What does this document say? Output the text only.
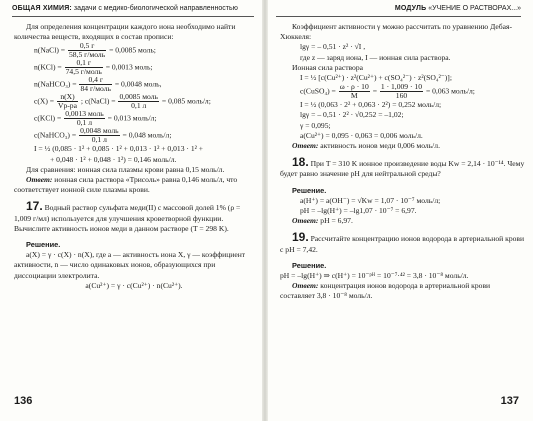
ОБЩАЯ ХИМИЯ: задачи с медико-биологической направленностью

Для определения концентрации каждого иона необходимо найти количества веществ, входящих в состав прописи:

n(NaCl) = $\frac{0,5 г}{\text{58,5 г/моль}} = 0,0085$ моль;
$n(KCl) = \frac{0,1 г}{\text{74,5 г/моль}} = 0,0013$ моль;
n(NaHCO₃) = $\frac{0,4 г}{\text{84 г/моль}} = 0,0048$ моль,
$c(X) = \frac{n(X)}{Vр-ра}$ ; c(NaCl) = $\frac{\text{0,0085 моль}}{0,1 л} = 0,085$ моль/л;
$c(KCl) = \frac{\text{0,0013 моль}}{0,1 л} = 0,013$ моль/л;
c(NaHCO₃) = $\frac{\text{0,0048 моль}}{0,1 л} = 0,048$ моль/л;
I = ½ (0,085 · 1² + 0,085 · 1² + 0,013 · 1² + 0,013 · 1² +
+ 0,048 · 1² + 0,048 · 1²) = 0,146 моль/л.

Для сравнения: ионная сила плазмы крови равна 0,15 моль/л.

Ответ: ионная сила раствора «Трисоль» равна 0,146 моль/л, что соответствует ионной силе плазмы крови.

17. Водный раствор сульфата меди(II) с массовой долей 1% (ρ = 1,009 г/мл) используется для улучшения кроветворной функции. Вычислите активность ионов меди в данном растворе (T = 298 K).

Решение.

a(X) = γ · c(X) · n(X), где a — активность иона X, γ — коэффициент активности, n — число одинаковых ионов, образующихся при диссоциации электролита.

a(Cu²⁺) = γ · c(Cu²⁺) · n(Cu²⁺).

136
МОДУЛЬ «УЧЕНИЕ О РАСТВОРАХ...»

Коэффициент активности γ можно рассчитать по уравнению Дебая-Хюккеля:

lgγ = – 0,51 · z² · √I ,
где z — заряд иона, I — ионная сила раствора.

Ионная сила раствора

I = ½ [c(Cu²⁺) · z²(Cu²⁺) + c(SO₄²⁻) · z²(SO₄²⁻)];
c(CuSO₄) = $\frac{\omega \cdot \rho \cdot 10}{M} = \frac{1 \cdot 1,009 \cdot 10}{160} = 0,063$ моль/л;
I = ½ (0,063 · 2² + 0,063 · 2²) = 0,252 моль/л;
lgγ = – 0,51 · 2² · √0,252 = –1,02;
γ = 0,095;
a(Cu²⁺) = 0,095 · 0,063 = 0,006 моль/л.

Ответ: активность ионов меди 0,006 моль/л.

18. При T = 310 K ионное произведение воды Kw = 2,14 · 10⁻¹⁴. Чему будет равно значение pH для нейтральной среды?

Решение.

a(H⁺) = a(OH⁻) = √Kw = 1,07 · 10⁻⁷ моль/л;
pH = –lg(H⁺) = –lg1,07 · 10⁻⁷ = 6,97.

Ответ: pH = 6,97.

19. Рассчитайте концентрацию ионов водорода в артериальной крови с pH = 7,42.

Решение.

pH = –lg(H⁺) ⇒ c(H⁺) = 10⁻ᵖᴴ = 10⁻⁷·⁴² = 3,8 · 10⁻⁸ моль/л.

Ответ: концентрация ионов водорода в артериальной крови составляет 3,8 · 10⁻⁸ моль/л.

137
